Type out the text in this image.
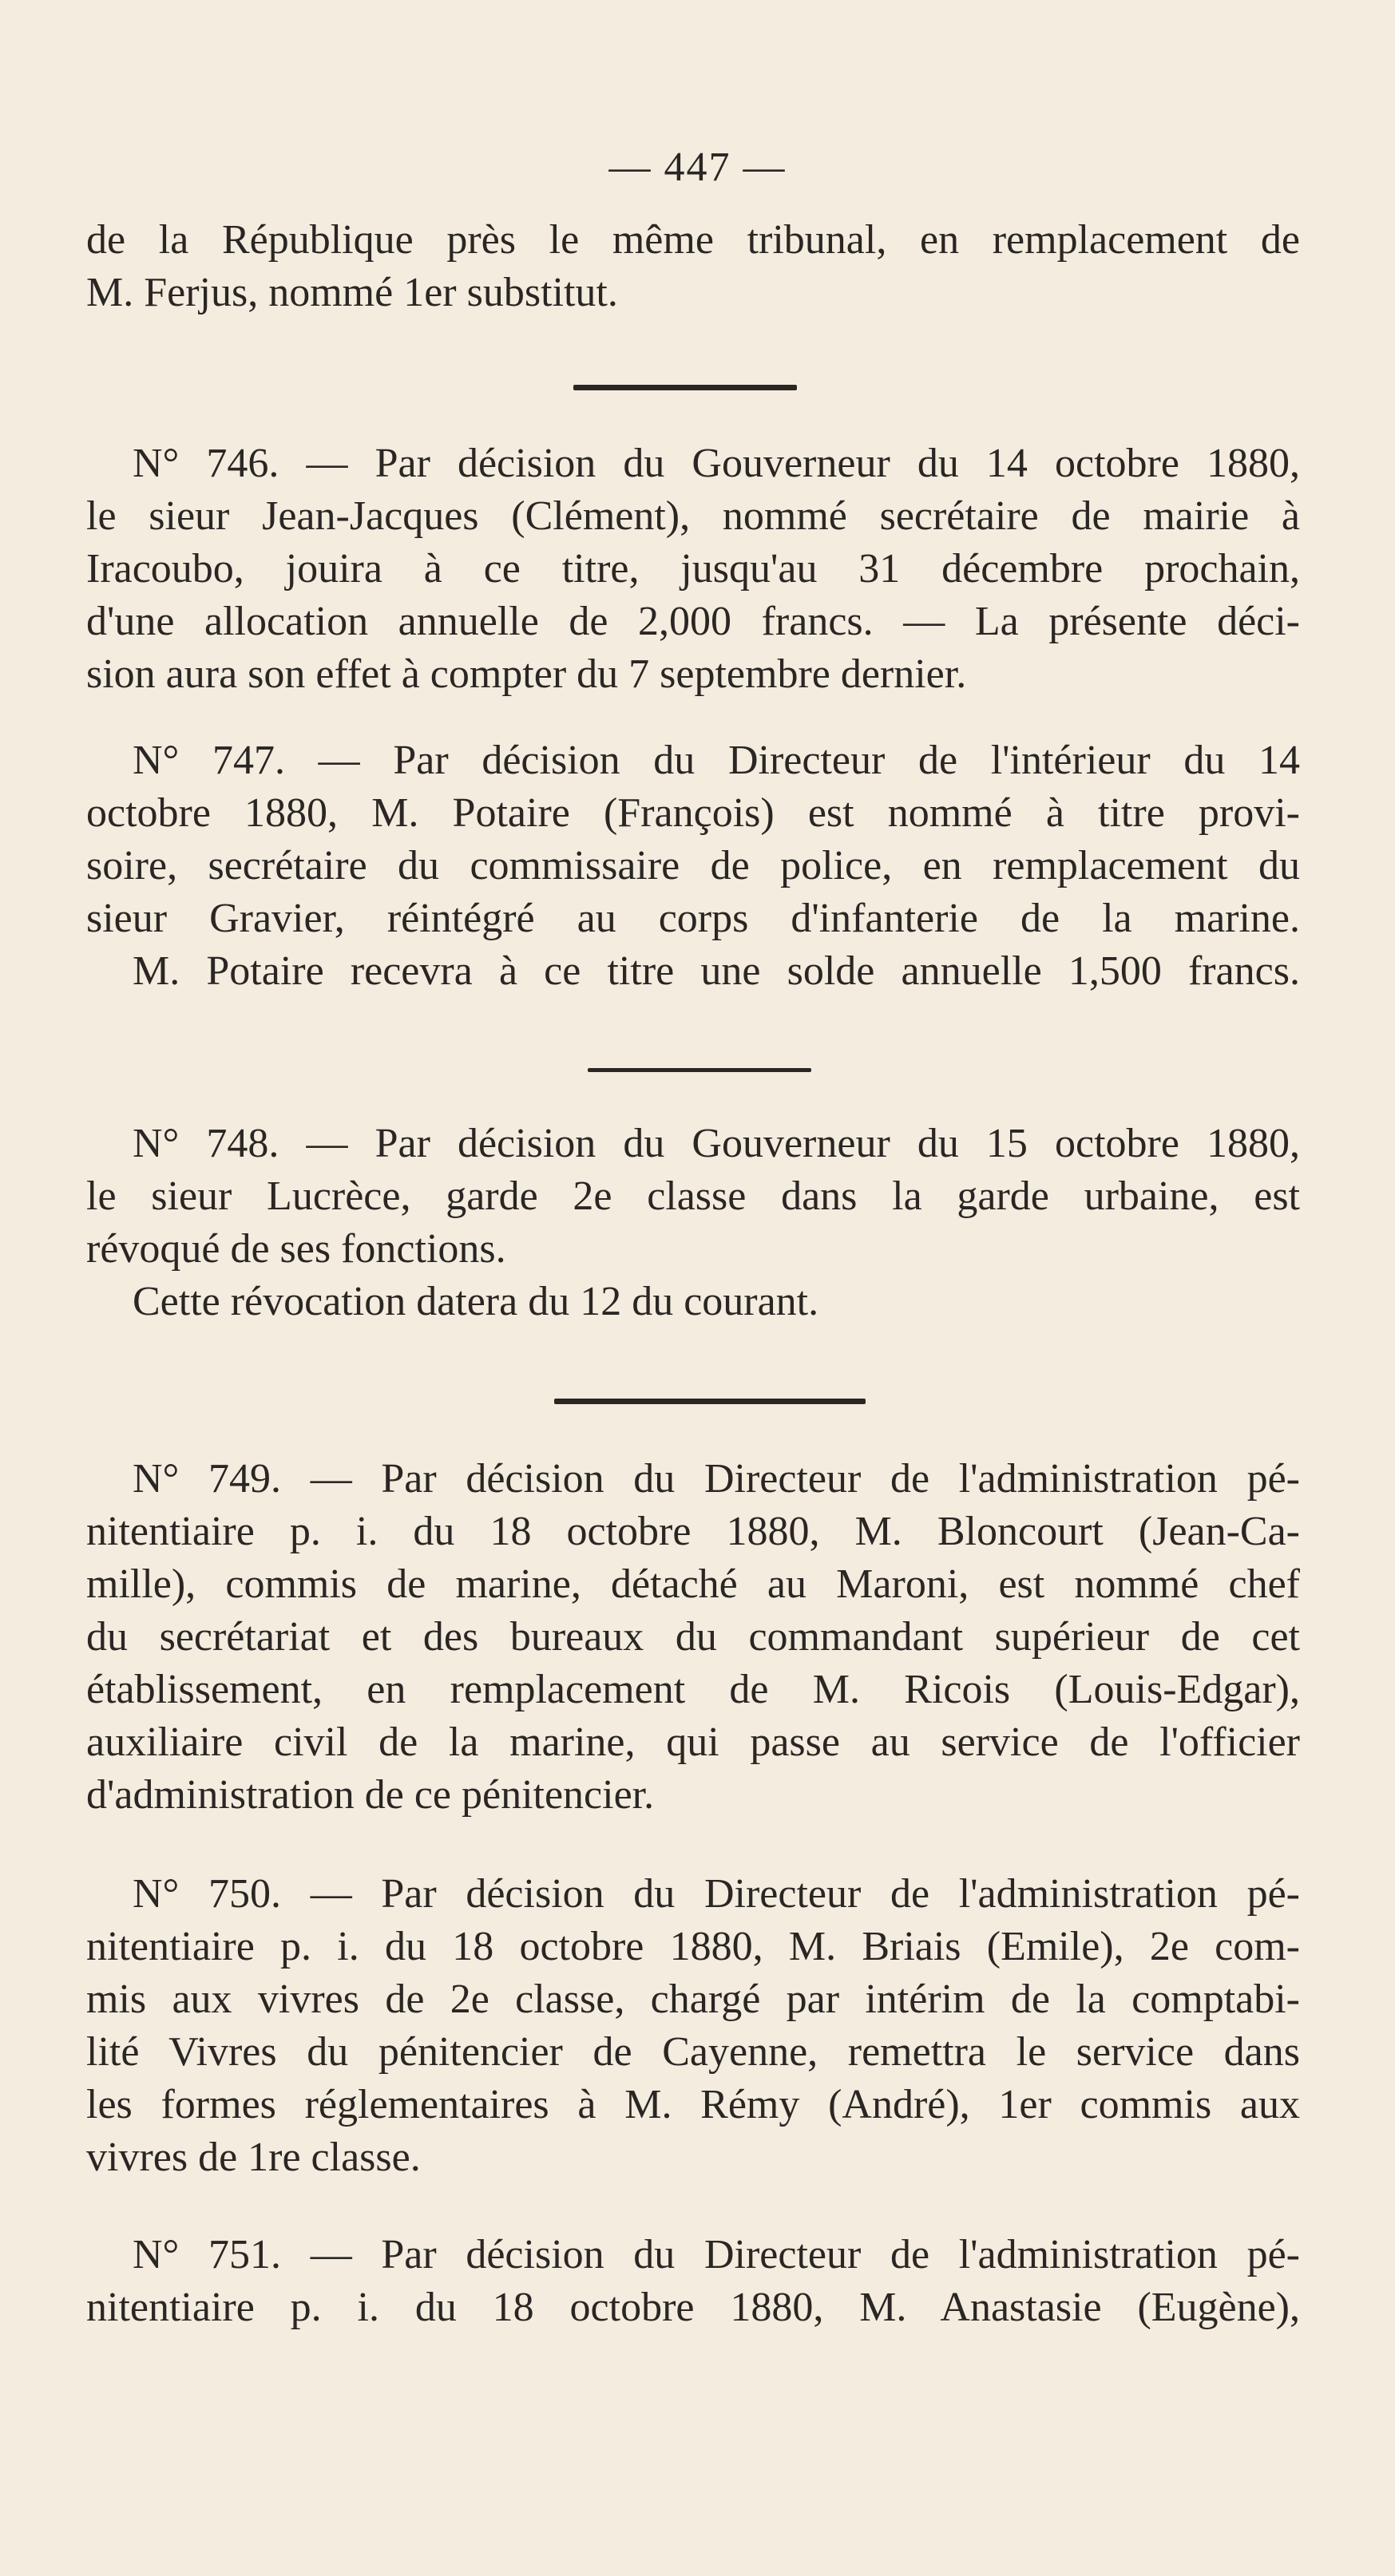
— 447 —
de la République près le même tribunal, en remplacement de
M. Ferjus, nommé 1er substitut.
N° 746. — Par décision du Gouverneur du 14 octobre 1880,
le sieur Jean-Jacques (Clément), nommé secrétaire de mairie à
Iracoubo, jouira à ce titre, jusqu'au 31 décembre prochain,
d'une allocation annuelle de 2,000 francs. — La présente déci-
sion aura son effet à compter du 7 septembre dernier.
N° 747. — Par décision du Directeur de l'intérieur du 14
octobre 1880, M. Potaire (François) est nommé à titre provi-
soire, secrétaire du commissaire de police, en remplacement du
sieur Gravier, réintégré au corps d'infanterie de la marine.
M. Potaire recevra à ce titre une solde annuelle 1,500 francs.
N° 748. — Par décision du Gouverneur du 15 octobre 1880,
le sieur Lucrèce, garde 2e classe dans la garde urbaine, est
révoqué de ses fonctions.
Cette révocation datera du 12 du courant.
N° 749. — Par décision du Directeur de l'administration pé-
nitentiaire p. i. du 18 octobre 1880, M. Bloncourt (Jean-Ca-
mille), commis de marine, détaché au Maroni, est nommé chef
du secrétariat et des bureaux du commandant supérieur de cet
établissement, en remplacement de M. Ricois (Louis-Edgar),
auxiliaire civil de la marine, qui passe au service de l'officier
d'administration de ce pénitencier.
N° 750. — Par décision du Directeur de l'administration pé-
nitentiaire p. i. du 18 octobre 1880, M. Briais (Emile), 2e com-
mis aux vivres de 2e classe, chargé par intérim de la comptabi-
lité Vivres du pénitencier de Cayenne, remettra le service dans
les formes réglementaires à M. Rémy (André), 1er commis aux
vivres de 1re classe.
N° 751. — Par décision du Directeur de l'administration pé-
nitentiaire p. i. du 18 octobre 1880, M. Anastasie (Eugène),
